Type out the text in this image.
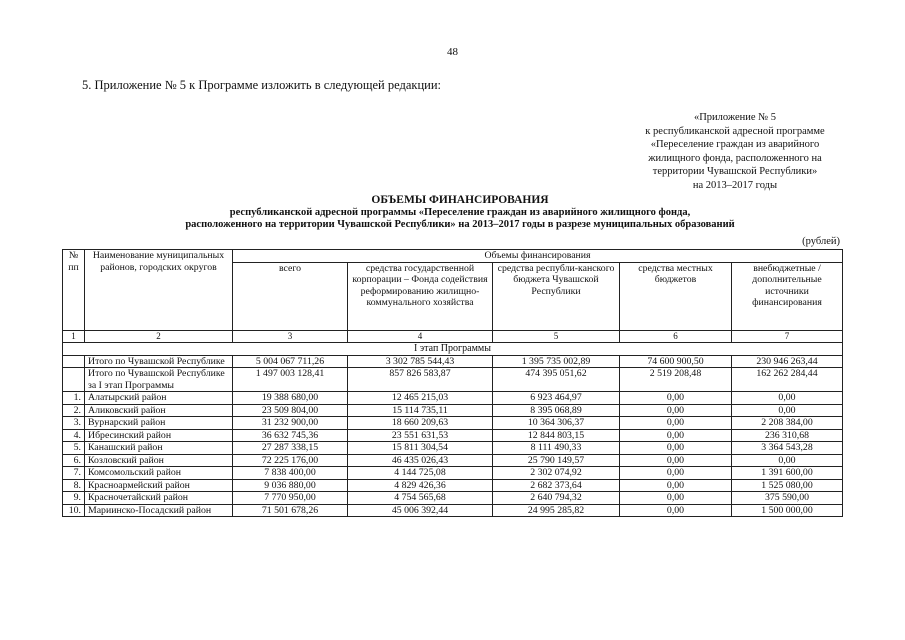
48
5. Приложение № 5 к Программе изложить в следующей редакции:
«Приложение № 5
к республиканской адресной программе
«Переселение граждан из аварийного
жилищного фонда, расположенного на
территории Чувашской Республики»
на 2013–2017 годы
ОБЪЕМЫ ФИНАНСИРОВАНИЯ
республиканской адресной программы «Переселение граждан из аварийного жилищного фонда,
расположенного на территории Чувашской Республики» на 2013–2017 годы в разрезе муниципальных образований
(рублей)
№ пп	Наименование муниципальных районов, городских округов	Объемы финансирования				
		всего	средства государственной корпорации – Фонда содействия реформированию жилищно-коммунального хозяйства	средства республи-канского бюджета Чувашской Республики	средства местных бюджетов	внебюджетные / дополнительные источники финансирования
1	2	3	4	5	6	7
I этап Программы						
	Итого по Чувашской Республике	5 004 067 711,26	3 302 785 544,43	1 395 735 002,89	74 600 900,50	230 946 263,44
	Итого по Чувашской Республике за I этап Программы	1 497 003 128,41	857 826 583,87	474 395 051,62	2 519 208,48	162 262 284,44
1.	Алатырский район	19 388 680,00	12 465 215,03	6 923 464,97	0,00	0,00
2.	Аликовский район	23 509 804,00	15 114 735,11	8 395 068,89	0,00	0,00
3.	Вурнарский район	31 232 900,00	18 660 209,63	10 364 306,37	0,00	2 208 384,00
4.	Ибресинский район	36 632 745,36	23 551 631,53	12 844 803,15	0,00	236 310,68
5.	Канашский район	27 287 338,15	15 811 304,54	8 111 490,33	0,00	3 364 543,28
6.	Козловский район	72 225 176,00	46 435 026,43	25 790 149,57	0,00	0,00
7.	Комсомольский район	7 838 400,00	4 144 725,08	2 302 074,92	0,00	1 391 600,00
8.	Красноармейский район	9 036 880,00	4 829 426,36	2 682 373,64	0,00	1 525 080,00
9.	Красночетайский район	7 770 950,00	4 754 565,68	2 640 794,32	0,00	375 590,00
10.	Мариинско-Посадский район	71 501 678,26	45 006 392,44	24 995 285,82	0,00	1 500 000,00
